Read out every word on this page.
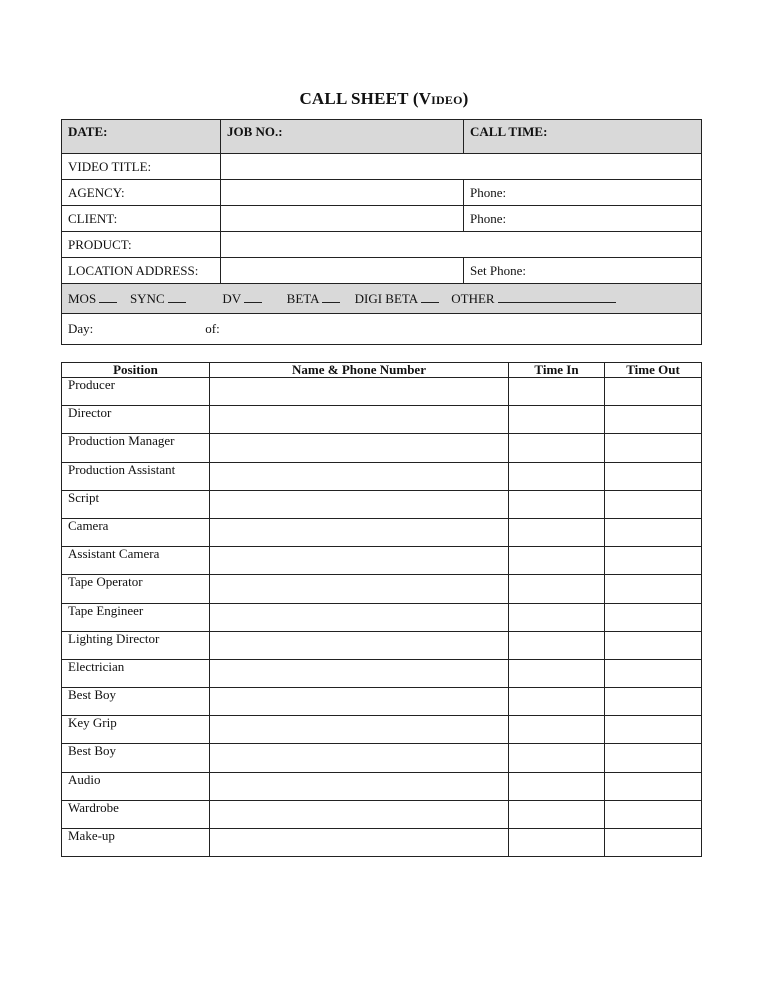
CALL SHEET (Video)
DATE:	JOB NO.:	CALL TIME:
VIDEO TITLE:		
AGENCY:		Phone:
CLIENT:		Phone:
PRODUCT:		
LOCATION ADDRESS:		Set Phone:
MOS SYNC DV BETA DIGI BETA OTHER		
Day: of:		
Position	Name & Phone Number	Time In	Time Out
Producer			
Director			
Production Manager			
Production Assistant			
Script			
Camera			
Assistant Camera			
Tape Operator			
Tape Engineer			
Lighting Director			
Electrician			
Best Boy			
Key Grip			
Best Boy			
Audio			
Wardrobe			
Make-up			
